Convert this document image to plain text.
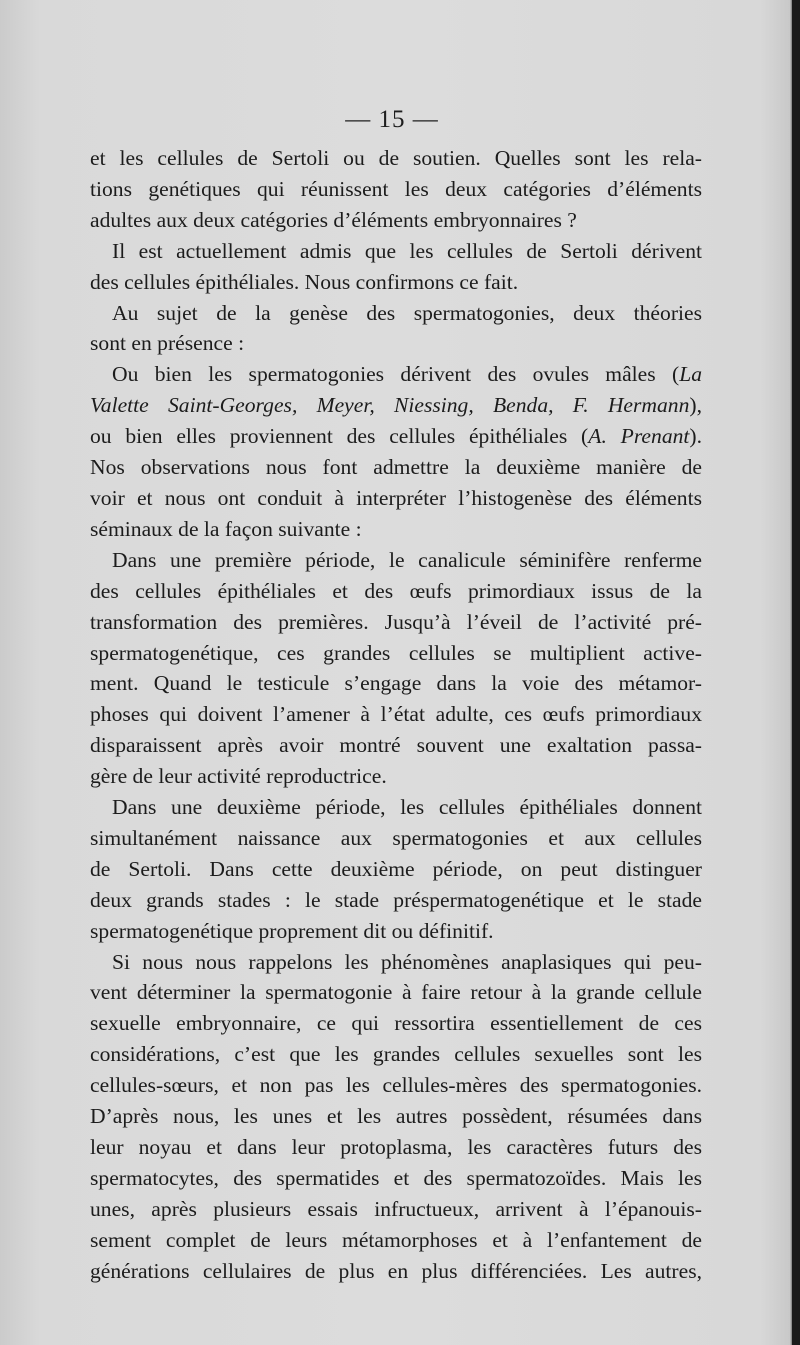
— 15 —
et les cellules de Sertoli ou de soutien. Quelles sont les rela-
tions genétiques qui réunissent les deux catégories d’éléments
adultes aux deux catégories d’éléments embryonnaires ?
Il est actuellement admis que les cellules de Sertoli dérivent
des cellules épithéliales. Nous confirmons ce fait.
Au sujet de la genèse des spermatogonies, deux théories
sont en présence :
Ou bien les spermatogonies dérivent des ovules mâles (La
Valette Saint-Georges, Meyer, Niessing, Benda, F. Hermann),
ou bien elles proviennent des cellules épithéliales (A. Prenant).
Nos observations nous font admettre la deuxième manière de
voir et nous ont conduit à interpréter l’histogenèse des éléments
séminaux de la façon suivante :
Dans une première période, le canalicule séminifère renferme
des cellules épithéliales et des œufs primordiaux issus de la
transformation des premières. Jusqu’à l’éveil de l’activité pré-
spermatogenétique, ces grandes cellules se multiplient active-
ment. Quand le testicule s’engage dans la voie des métamor-
phoses qui doivent l’amener à l’état adulte, ces œufs primordiaux
disparaissent après avoir montré souvent une exaltation passa-
gère de leur activité reproductrice.
Dans une deuxième période, les cellules épithéliales donnent
simultanément naissance aux spermatogonies et aux cellules
de Sertoli. Dans cette deuxième période, on peut distinguer
deux grands stades : le stade préspermatogenétique et le stade
spermatogenétique proprement dit ou définitif.
Si nous nous rappelons les phénomènes anaplasiques qui peu-
vent déterminer la spermatogonie à faire retour à la grande cellule
sexuelle embryonnaire, ce qui ressortira essentiellement de ces
considérations, c’est que les grandes cellules sexuelles sont les
cellules-sœurs, et non pas les cellules-mères des spermatogonies.
D’après nous, les unes et les autres possèdent, résumées dans
leur noyau et dans leur protoplasma, les caractères futurs des
spermatocytes, des spermatides et des spermatozoïdes. Mais les
unes, après plusieurs essais infructueux, arrivent à l’épanouis-
sement complet de leurs métamorphoses et à l’enfantement de
générations cellulaires de plus en plus différenciées. Les autres,
